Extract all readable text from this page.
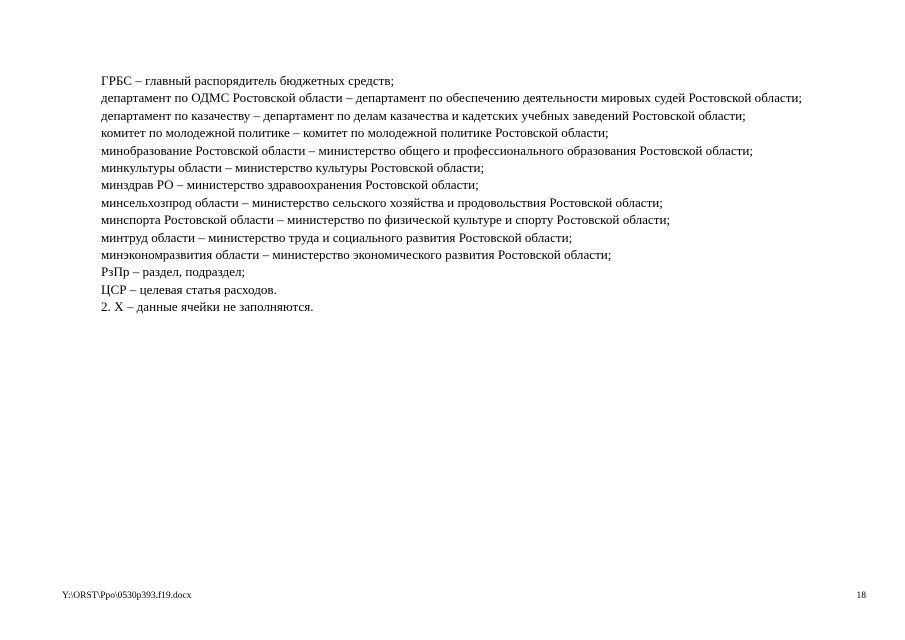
ГРБС – главный распорядитель бюджетных средств;

департамент по ОДМС Ростовской области – департамент по обеспечению деятельности мировых судей Ростовской области;

департамент по казачеству – департамент по делам казачества и кадетских учебных заведений Ростовской области;

комитет по молодежной политике – комитет по молодежной политике Ростовской области;

минобразование Ростовской области – министерство общего и профессионального образования Ростовской области;

минкультуры области – министерство культуры Ростовской области;

минздрав РО – министерство здравоохранения Ростовской области;

минсельхозпрод области – министерство сельского хозяйства и продовольствия Ростовской области;

минспорта Ростовской области – министерство по физической культуре и спорту Ростовской области;

минтруд области – министерство труда и социального развития Ростовской области;

минэкономразвития области – министерство экономического развития Ростовской области;

РзПр – раздел, подраздел;

ЦСР – целевая статья расходов.

2. Х – данные ячейки не заполняются.

Y:\ORST\Ppo\0530p393.f19.docx	18
